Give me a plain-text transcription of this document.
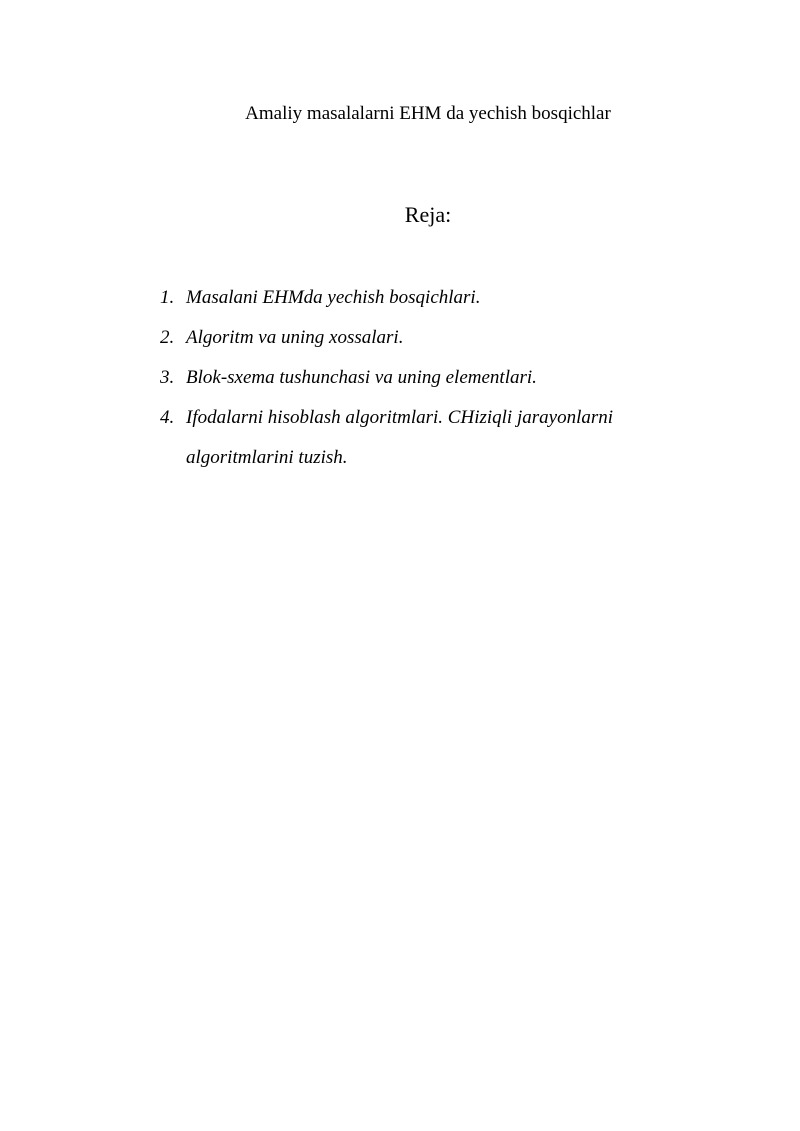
Amaliy masalalarni EHM da yechish bosqichlar
Reja:
1. Masalani EHMda yechish bosqichlari.
2. Algoritm va uning xossalari.
3. Blok-sxema tushunchasi va uning elementlari.
4. Ifodalarni hisoblash algoritmlari. CHiziqli jarayonlarni algoritmlarini tuzish.
